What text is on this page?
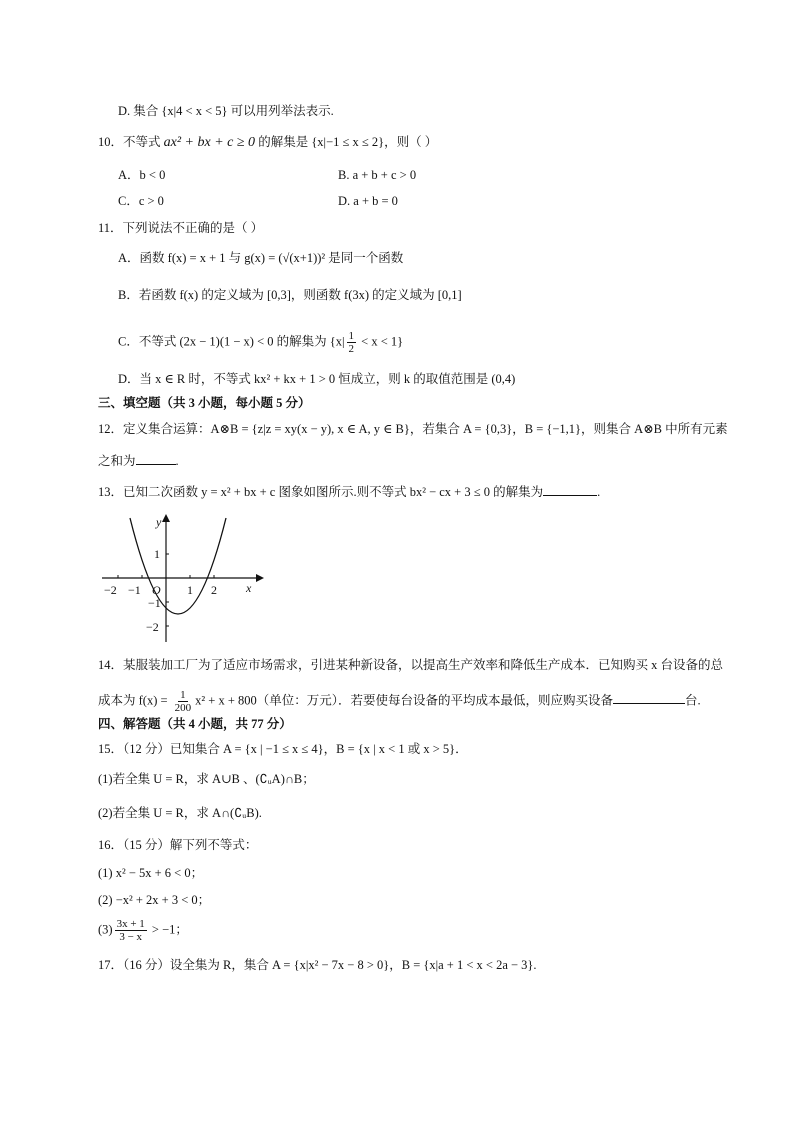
D. 集合 {x|4 < x < 5} 可以用列举法表示.
10．不等式 ax² + bx + c ≥ 0 的解集是 {x|−1 ≤ x ≤ 2}，则（ ）
A．b < 0	B. a + b + c > 0
C．c > 0	D. a + b = 0
11．下列说法不正确的是（ ）
A．函数 f(x) = x + 1 与 g(x) = (√(x+1))² 是同一个函数
B．若函数 f(x) 的定义域为 [0,3]，则函数 f(3x) 的定义域为 [0,1]
C．不等式 (2x − 1)(1 − x) < 0 的解集为 $\{x| \frac{1}{2} < x < 1\}$
D．当 x ∈ R 时，不等式 kx² + kx + 1 > 0 恒成立，则 k 的取值范围是 (0,4)
三、填空题（共 3 小题，每小题 5 分）
12．定义集合运算：A⊗B = {z|z = xy(x − y), x ∈ A, y ∈ B}，若集合 A = {0,3}，B = {−1,1}，则集合 A⊗B 中所有元素
之和为	.
13．已知二次函数 y = x² + bx + c 图象如图所示.则不等式 bx² − cx + 3 ≤ 0 的解集为	.
y
x
O
−2 −1	1 2
1
−1
−2
14．某服装加工厂为了适应市场需求，引进某种新设备，以提高生产效率和降低生产成本．已知购买 x 台设备的总
成本为 $f(x) = \frac{1}{200} x^2 + x + 800$（单位：万元）．若要使每台设备的平均成本最低，则应购买设备	台.
四、解答题（共 4 小题，共 77 分）
15．（12 分）已知集合 A = {x | −1 ≤ x ≤ 4}，B = {x | x < 1 或 x > 5}．
(1)若全集 U = R，求 A∪B 、(∁ᵤA)∩B；
(2)若全集 U = R，求 A∩(∁ᵤB).
16．（15 分）解下列不等式：
(1) x² − 5x + 6 < 0；
(2) −x² + 2x + 3 < 0；
$(3) \frac{3x + 1}{3 - x} > -1$；
17．（16 分）设全集为 R，集合 A = {x|x² − 7x − 8 > 0}，B = {x|a + 1 < x < 2a − 3}.
